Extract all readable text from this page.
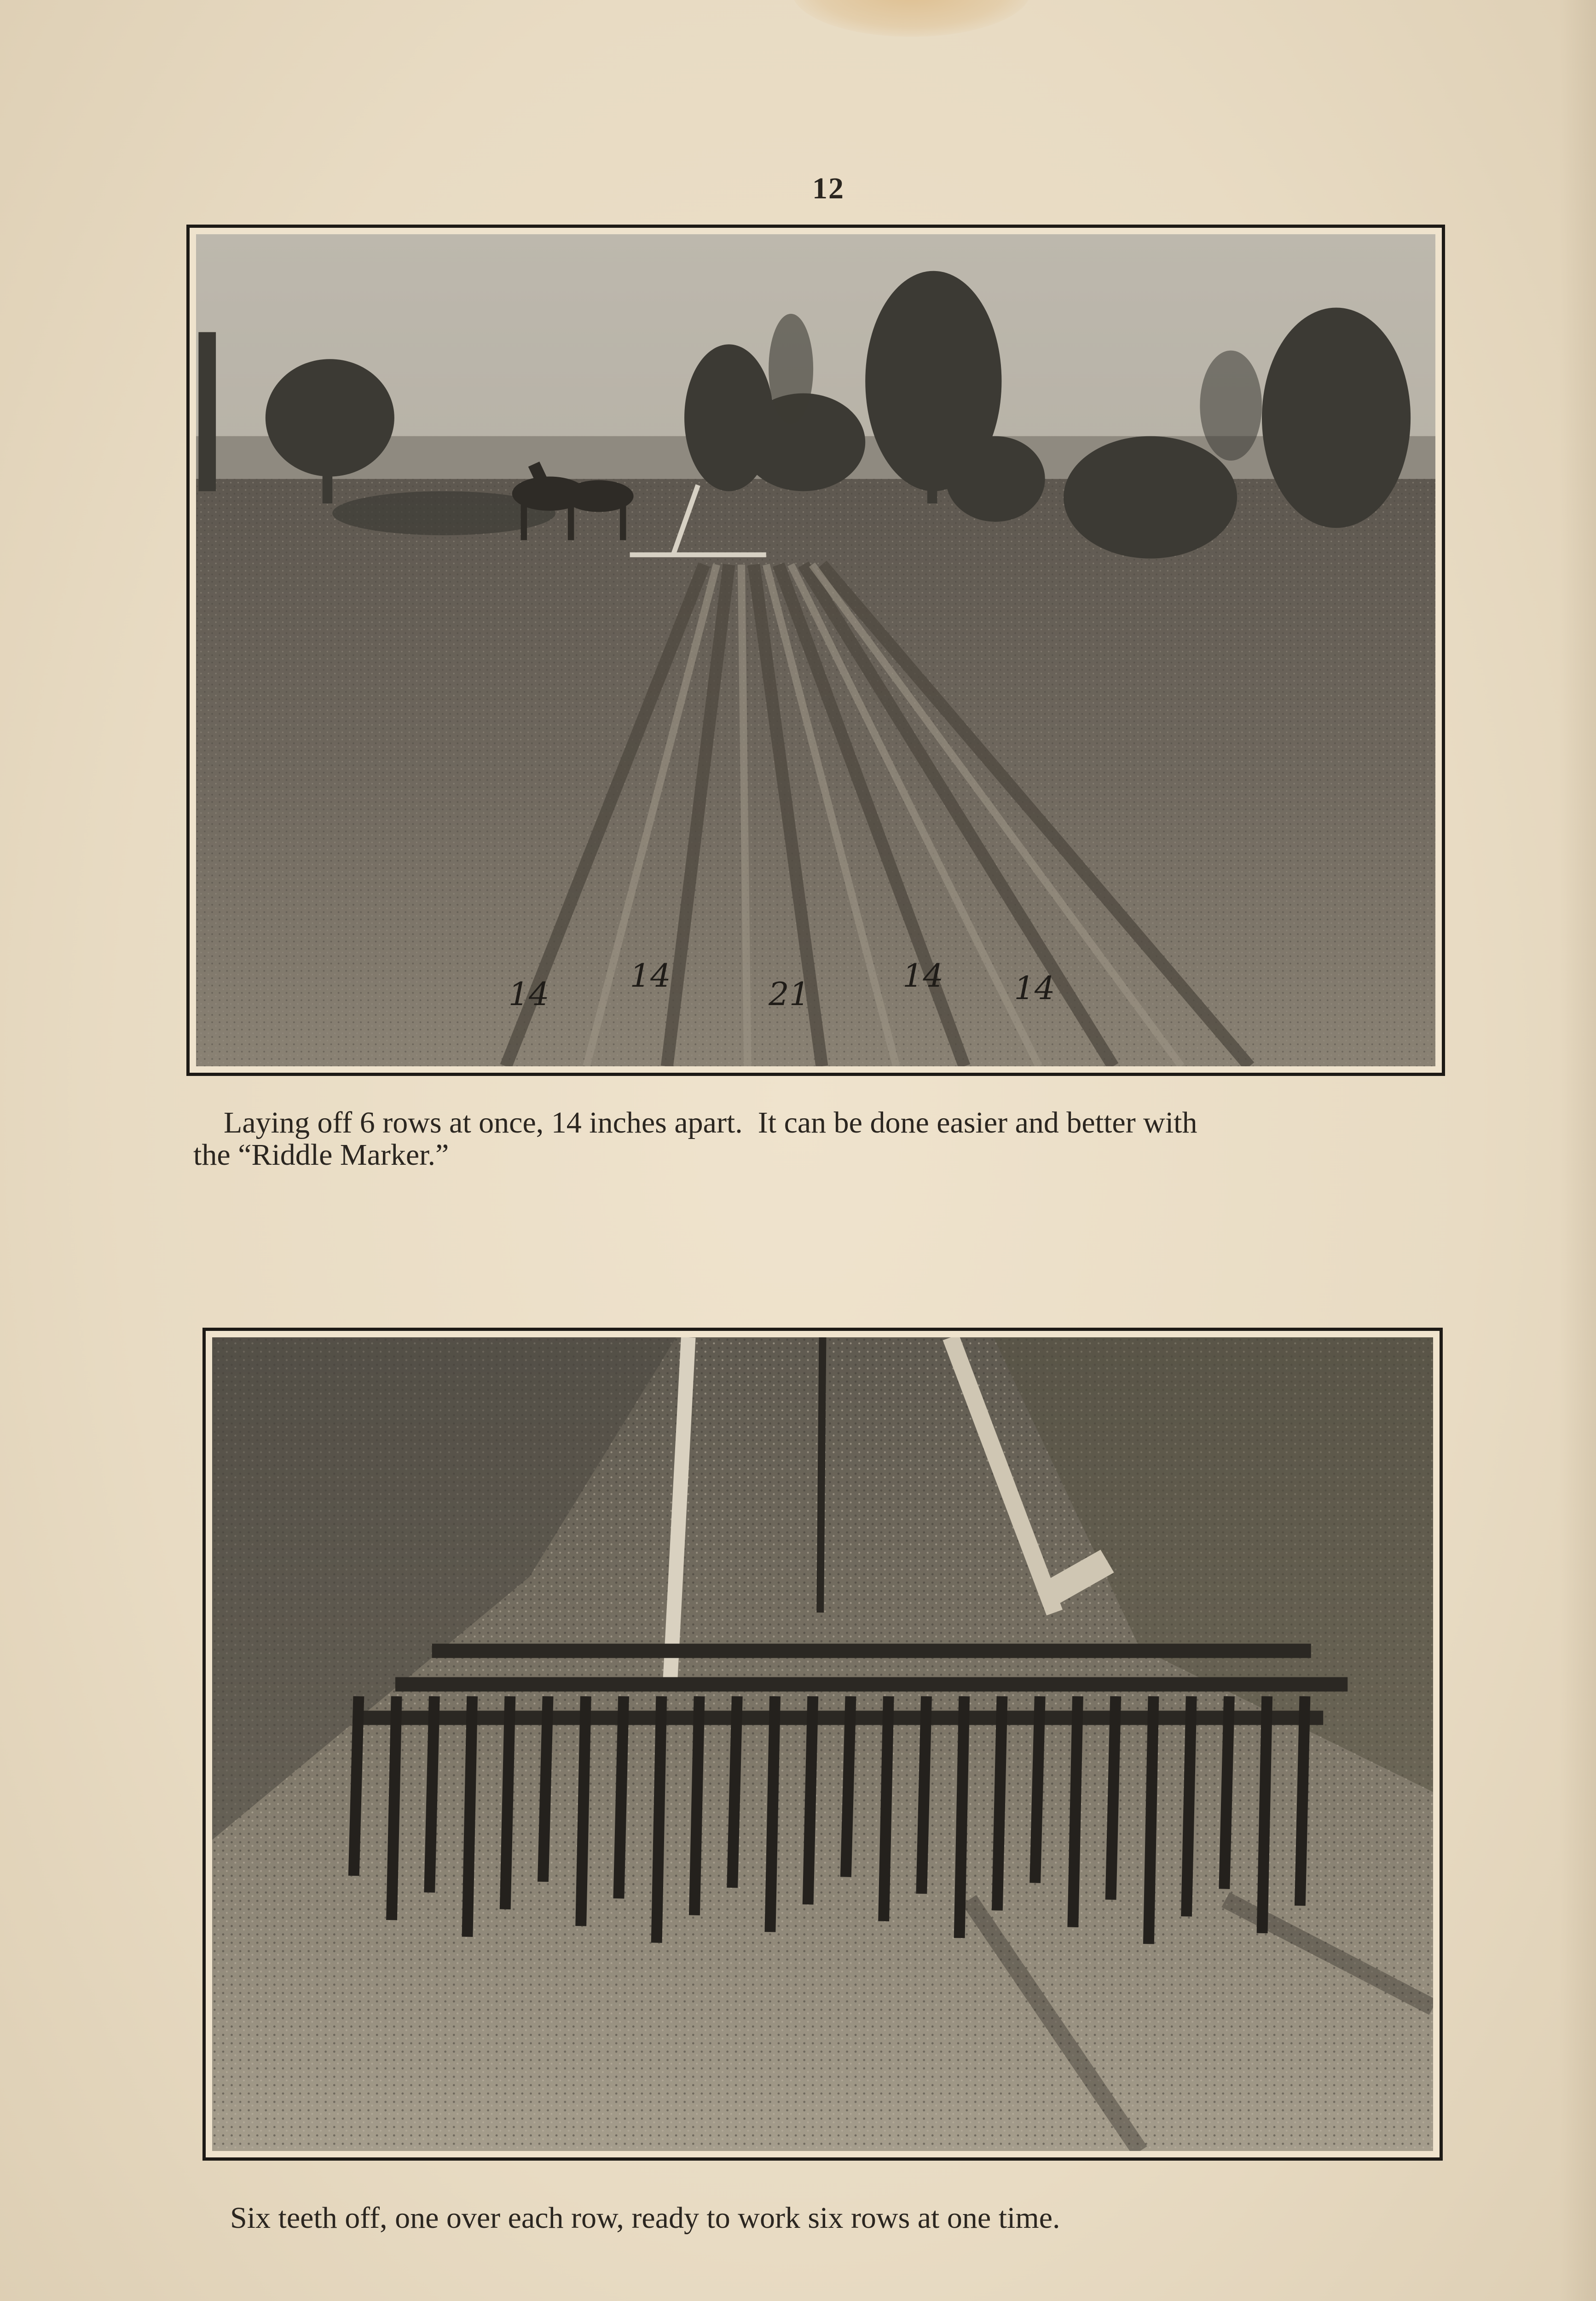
12
14	14	21	14	14
Laying off 6 rows at once, 14 inches apart.  It can be done easier and better with
the “Riddle Marker.”
Six teeth off, one over each row, ready to work six rows at one time.
